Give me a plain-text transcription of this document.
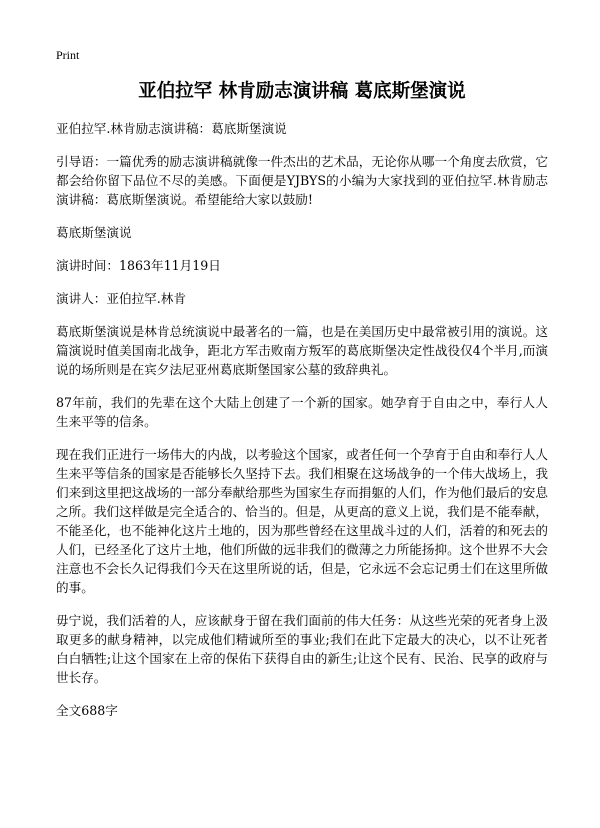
Print
亚伯拉罕 林肯励志演讲稿 葛底斯堡演说

亚伯拉罕.林肯励志演讲稿：葛底斯堡演说

引导语：一篇优秀的励志演讲稿就像一件杰出的艺术品，无论你从哪一个角度去欣赏，它都会给你留下品位不尽的美感。下面便是YJBYS的小编为大家找到的亚伯拉罕.林肯励志演讲稿：葛底斯堡演说。希望能给大家以鼓励!

葛底斯堡演说

演讲时间：1863年11月19日

演讲人：亚伯拉罕.林肯

葛底斯堡演说是林肯总统演说中最著名的一篇，也是在美国历史中最常被引用的演说。这篇演说时值美国南北战争，距北方军击败南方叛军的葛底斯堡决定性战役仅4个半月,而演说的场所则是在宾夕法尼亚州葛底斯堡国家公墓的致辞典礼。

87年前，我们的先辈在这个大陆上创建了一个新的国家。她孕育于自由之中，奉行人人生来平等的信条。

现在我们正进行一场伟大的内战，以考验这个国家，或者任何一个孕育于自由和奉行人人生来平等信条的国家是否能够长久坚持下去。我们相聚在这场战争的一个伟大战场上，我们来到这里把这战场的一部分奉献给那些为国家生存而捐躯的人们，作为他们最后的安息之所。我们这样做是完全适合的、恰当的。但是，从更高的意义上说，我们是不能奉献，不能圣化，也不能神化这片土地的，因为那些曾经在这里战斗过的人们，活着的和死去的人们，已经圣化了这片土地，他们所做的远非我们的微薄之力所能扬抑。这个世界不大会注意也不会长久记得我们今天在这里所说的话，但是，它永远不会忘记勇士们在这里所做的事。

毋宁说，我们活着的人，应该献身于留在我们面前的伟大任务：从这些光荣的死者身上汲取更多的献身精神，以完成他们精诚所至的事业;我们在此下定最大的决心，以不让死者白白牺牲;让这个国家在上帝的保佑下获得自由的新生;让这个民有、民治、民享的政府与世长存。

全文688字
